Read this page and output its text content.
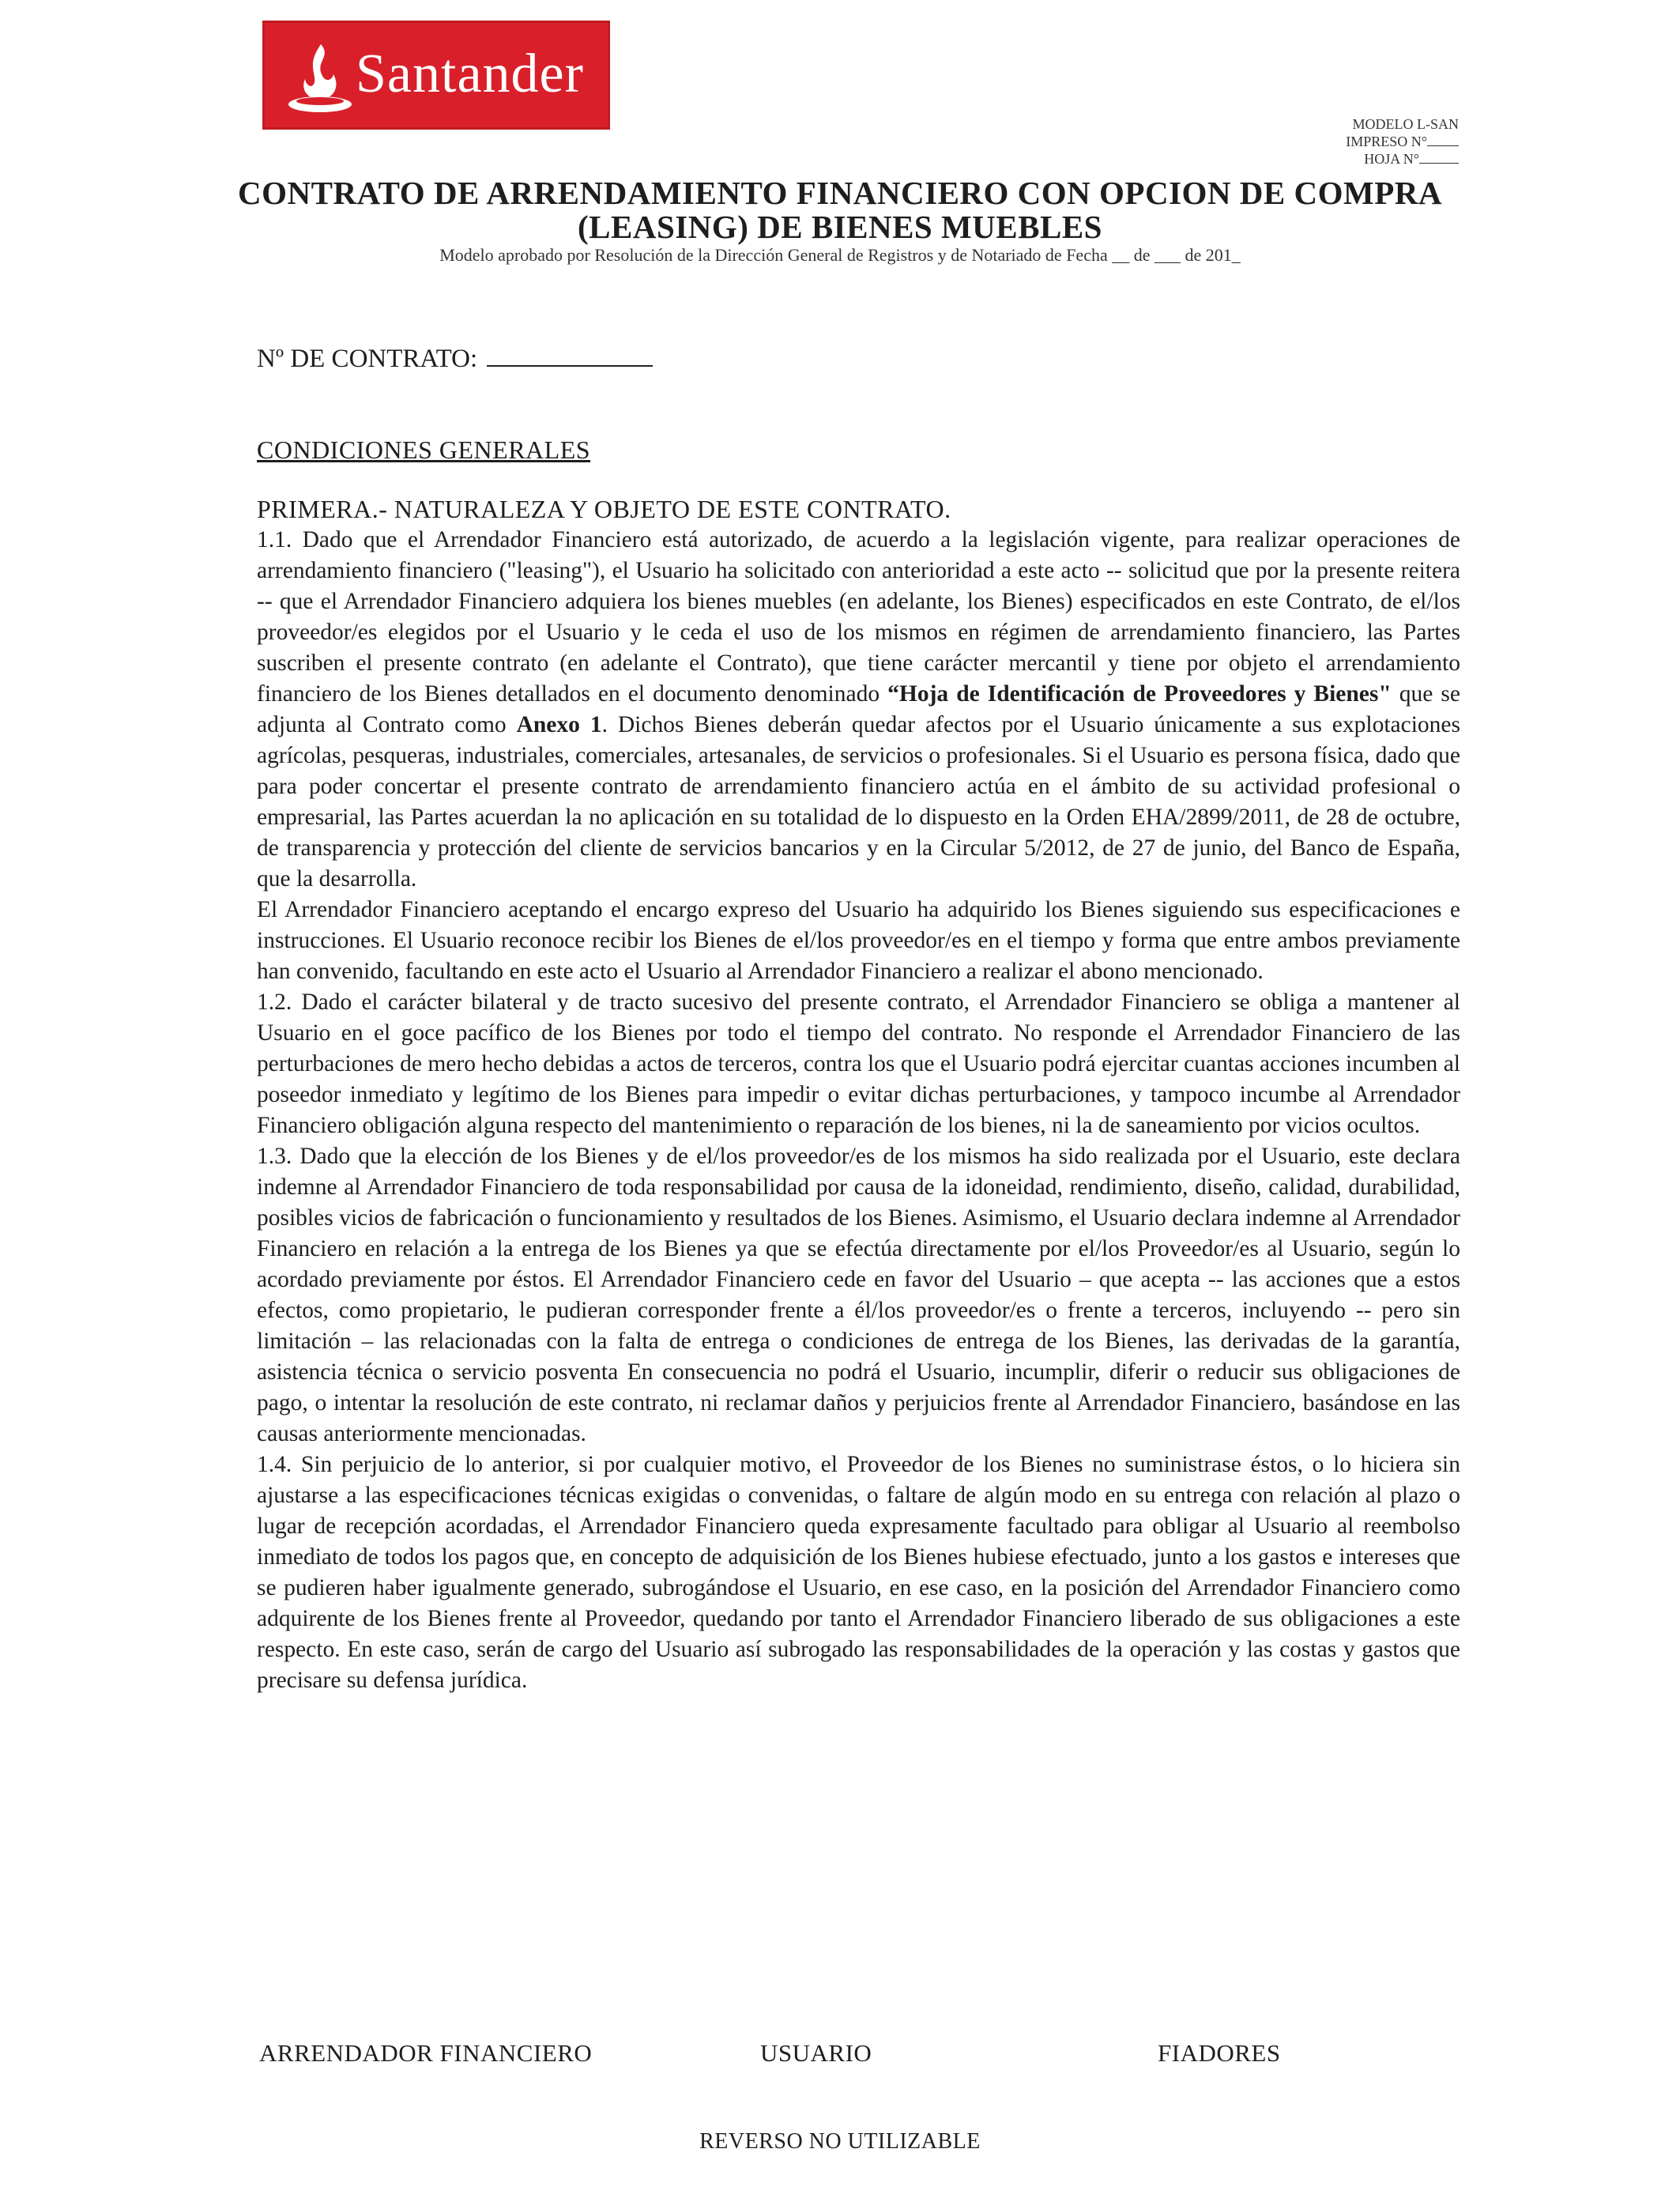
Santander
MODELO L-SAN
IMPRESO N°
HOJA N°
CONTRATO DE ARRENDAMIENTO FINANCIERO CON OPCION DE COMPRA
(LEASING) DE BIENES MUEBLES
Modelo aprobado por Resolución de la Dirección General de Registros y de Notariado de Fecha __ de ___ de 201_
Nº DE CONTRATO:
CONDICIONES GENERALES
PRIMERA.- NATURALEZA Y OBJETO DE ESTE CONTRATO.

1.1. Dado que el Arrendador Financiero está autorizado, de acuerdo a la legislación vigente, para realizar operaciones de arrendamiento financiero ("leasing"), el Usuario ha solicitado con anterioridad a este acto -- solicitud que por la presente reitera -- que el Arrendador Financiero adquiera los bienes muebles (en adelante, los Bienes) especificados en este Contrato, de el/los proveedor/es elegidos por el Usuario y le ceda el uso de los mismos en régimen de arrendamiento financiero, las Partes suscriben el presente contrato (en adelante el Contrato), que tiene carácter mercantil y tiene por objeto el arrendamiento financiero de los Bienes detallados en el documento denominado “Hoja de Identificación de Proveedores y Bienes" que se adjunta al Contrato como Anexo 1. Dichos Bienes deberán quedar afectos por el Usuario únicamente a sus explotaciones agrícolas, pesqueras, industriales, comerciales, artesanales, de servicios o profesionales. Si el Usuario es persona física, dado que para poder concertar el presente contrato de arrendamiento financiero actúa en el ámbito de su actividad profesional o empresarial, las Partes acuerdan la no aplicación en su totalidad de lo dispuesto en la Orden EHA/2899/2011, de 28 de octubre, de transparencia y protección del cliente de servicios bancarios y en la Circular 5/2012, de 27 de junio, del Banco de España, que la desarrolla.

El Arrendador Financiero aceptando el encargo expreso del Usuario ha adquirido los Bienes siguiendo sus especificaciones e instrucciones. El Usuario reconoce recibir los Bienes de el/los proveedor/es en el tiempo y forma que entre ambos previamente han convenido, facultando en este acto el Usuario al Arrendador Financiero a realizar el abono mencionado.

1.2. Dado el carácter bilateral y de tracto sucesivo del presente contrato, el Arrendador Financiero se obliga a mantener al Usuario en el goce pacífico de los Bienes por todo el tiempo del contrato. No responde el Arrendador Financiero de las perturbaciones de mero hecho debidas a actos de terceros, contra los que el Usuario podrá ejercitar cuantas acciones incumben al poseedor inmediato y legítimo de los Bienes para impedir o evitar dichas perturbaciones, y tampoco incumbe al Arrendador Financiero obligación alguna respecto del mantenimiento o reparación de los bienes, ni la de saneamiento por vicios ocultos.

1.3. Dado que la elección de los Bienes y de el/los proveedor/es de los mismos ha sido realizada por el Usuario, este declara indemne al Arrendador Financiero de toda responsabilidad por causa de la idoneidad, rendimiento, diseño, calidad, durabilidad, posibles vicios de fabricación o funcionamiento y resultados de los Bienes. Asimismo, el Usuario declara indemne al Arrendador Financiero en relación a la entrega de los Bienes ya que se efectúa directamente por el/los Proveedor/es al Usuario, según lo acordado previamente por éstos. El Arrendador Financiero cede en favor del Usuario – que acepta -- las acciones que a estos efectos, como propietario, le pudieran corresponder frente a él/los proveedor/es o frente a terceros, incluyendo -- pero sin limitación – las relacionadas con la falta de entrega o condiciones de entrega de los Bienes, las derivadas de la garantía, asistencia técnica o servicio posventa En consecuencia no podrá el Usuario, incumplir, diferir o reducir sus obligaciones de pago, o intentar la resolución de este contrato, ni reclamar daños y perjuicios frente al Arrendador Financiero, basándose en las causas anteriormente mencionadas.

1.4. Sin perjuicio de lo anterior, si por cualquier motivo, el Proveedor de los Bienes no suministrase éstos, o lo hiciera sin ajustarse a las especificaciones técnicas exigidas o convenidas, o faltare de algún modo en su entrega con relación al plazo o lugar de recepción acordadas, el Arrendador Financiero queda expresamente facultado para obligar al Usuario al reembolso inmediato de todos los pagos que, en concepto de adquisición de los Bienes hubiese efectuado, junto a los gastos e intereses que se pudieren haber igualmente generado, subrogándose el Usuario, en ese caso, en la posición del Arrendador Financiero como adquirente de los Bienes frente al Proveedor, quedando por tanto el Arrendador Financiero liberado de sus obligaciones a este respecto. En este caso, serán de cargo del Usuario así subrogado las responsabilidades de la operación y las costas y gastos que precisare su defensa jurídica.

ARRENDADOR FINANCIERO	USUARIO	FIADORES
REVERSO NO UTILIZABLE
